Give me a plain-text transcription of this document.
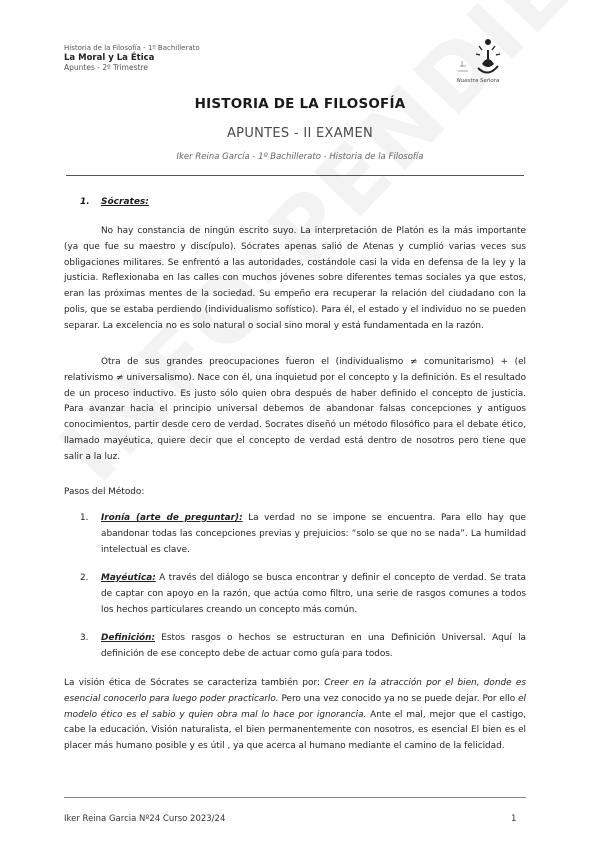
Historia de la Filosofía - 1º Bachillerato
La Moral y La Ética
Apuntes - 2º Trimestre
Nuestra Señora
HISTORIA DE LA FILOSOFÍA
APUNTES - II EXAMEN
Iker Reina García - 1º Bachillerato - Historia de la Filosofía
1. Sócrates:
No hay constancia de ningún escrito suyo. La interpretación de Platón es la más importante (ya que fue su maestro y discípulo). Sócrates apenas salió de Atenas y cumplió varias veces sus obligaciones militares. Se enfrentó a las autoridades, costándole casi la vida en defensa de la ley y la justicia. Reflexionaba en las calles con muchos jóvenes sobre diferentes temas sociales ya que estos, eran las próximas mentes de la sociedad. Su empeño era recuperar la relación del ciudadano con la polis, que se estaba perdiendo (individualismo sofístico). Para él, el estado y el individuo no se pueden separar. La excelencia no es solo natural o social sino moral y está fundamentada en la razón.
Otra de sus grandes preocupaciones fueron el (individualismo ≠ comunitarismo) + (el relativismo ≠ universalismo). Nace con él, una inquietud por el concepto y la definición. Es el resultado de un proceso inductivo. Es justo sólo quien obra después de haber definido el concepto de justicia. Para avanzar hacia el principio universal debemos de abandonar falsas concepciones y antiguos conocimientos, partir desde cero de verdad. Socrates diseñó un método filosófico para el debate ético, llamado mayéutica, quiere decir que el concepto de verdad está dentro de nosotros pero tiene que salir a la luz.
Pasos del Método:
1. Ironía (arte de preguntar): La verdad no se impone se encuentra. Para ello hay que abandonar todas las concepciones previas y prejuicios: “solo se que no se nada”. La humildad intelectual es clave.
2. Mayéutica: A través del diálogo se busca encontrar y definir el concepto de verdad. Se trata de captar con apoyo en la razón, que actúa como filtro, una serie de rasgos comunes a todos los hechos particulares creando un concepto más común.
3. Definición: Estos rasgos o hechos se estructuran en una Definición Universal. Aquí la definición de ese concepto debe de actuar como guía para todos.
La visión ética de Sócrates se caracteriza también por: Creer en la atracción por el bien, donde es esencial conocerlo para luego poder practicarlo. Pero una vez conocido ya no se puede dejar. Por ello el modelo ético es el sabio y quien obra mal lo hace por ignorancia. Ante el mal, mejor que el castigo, cabe la educación. Visión naturalista, el bien permanentemente con nosotros, es esencial El bien es el placer más humano posible y es útil , ya que acerca al humano mediante el camino de la felicidad.
Iker Reina Garcia Nº24 Curso 2023/24	1
